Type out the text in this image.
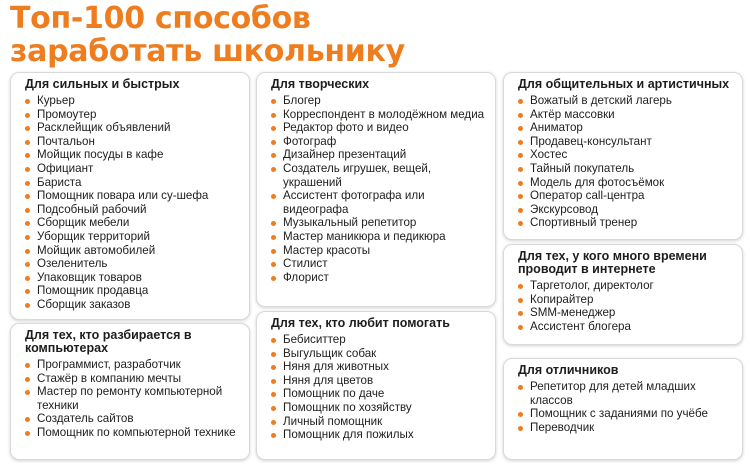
Топ-100 способов
заработать школьнику
Для сильных и быстрых
Курьер
Промоутер
Расклейщик объявлений
Почтальон
Мойщик посуды в кафе
Официант
Бариста
Помощник повара или су-шефа
Подсобный рабочий
Сборщик мебели
Уборщик территорий
Мойщик автомобилей
Озеленитель
Упаковщик товаров
Помощник продавца
Сборщик заказов
Для тех, кто разбирается в компьютерах
Программист, разработчик
Стажёр в компанию мечты
Мастер по ремонту компьютерной техники
Создатель сайтов
Помощник по компьютерной технике
Для творческих
Блогер
Корреспондент в молодёжном медиа
Редактор фото и видео
Фотограф
Дизайнер презентаций
Создатель игрушек, вещей, украшений
Ассистент фотографа или видеографа
Музыкальный репетитор
Мастер маникюра и педикюра
Мастер красоты
Стилист
Флорист
Для тех, кто любит помогать
Бебиситтер
Выгульщик собак
Няня для животных
Няня для цветов
Помощник по даче
Помощник по хозяйству
Личный помощник
Помощник для пожилых
Для общительных и артистичных
Вожатый в детский лагерь
Актёр массовки
Аниматор
Продавец-консультант
Хостес
Тайный покупатель
Модель для фотосъёмок
Оператор call-центра
Экскурсовод
Спортивный тренер
Для тех, у кого много времени проводит в интернете
Таргетолог, директолог
Копирайтер
SMM-менеджер
Ассистент блогера
Для отличников
Репетитор для детей младших классов
Помощник с заданиями по учёбе
Переводчик
